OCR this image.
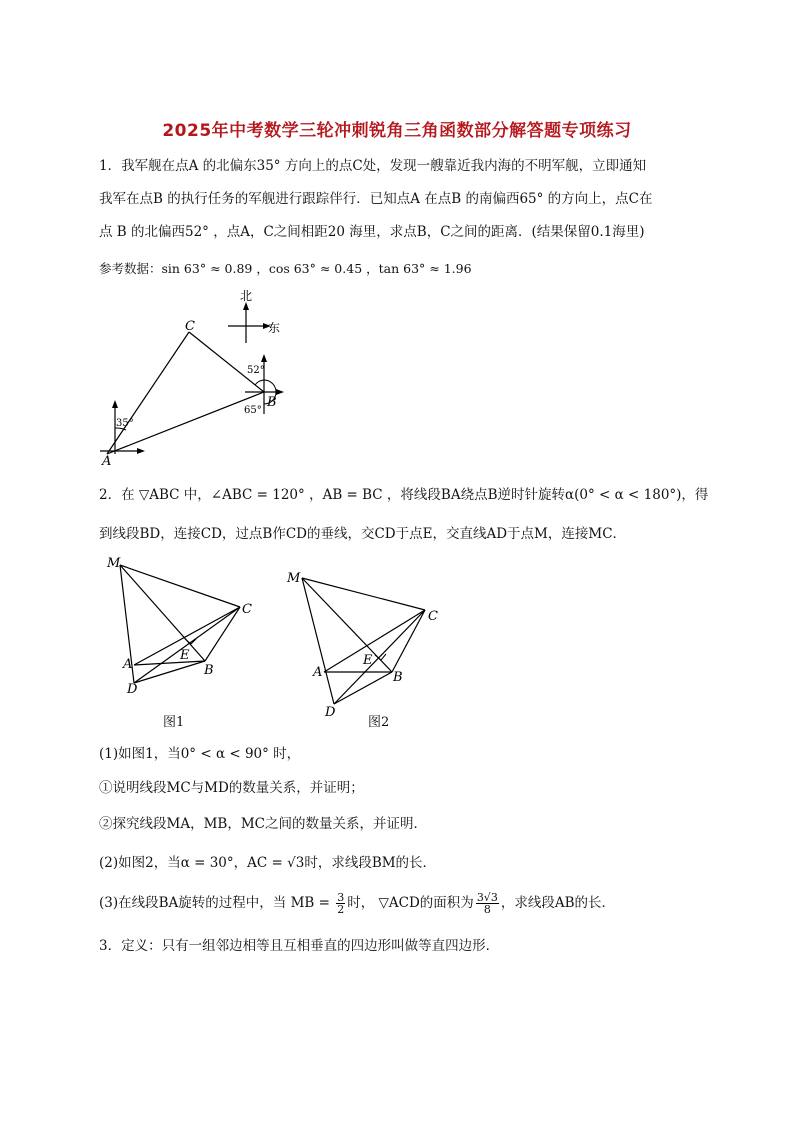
2025年中考数学三轮冲刺锐角三角函数部分解答题专项练习
1．我军舰在点A 的北偏东35° 方向上的点C处，发现一艘靠近我内海的不明军舰，立即通知
我军在点B 的执行任务的军舰进行跟踪伴行．已知点A 在点B 的南偏西65° 的方向上，点C在
点 B 的北偏西52° ，点A，C之间相距20 海里，求点B，C之间的距离．(结果保留0.1海里)
参考数据：sin 63° ≈ 0.89 ，cos 63° ≈ 0.45 ，tan 63° ≈ 1.96
北
东
35°
52°
65°
C
B
A
2．在 ▽ABC 中，∠ABC = 120° ，AB = BC ，将线段BA绕点B逆时针旋转α(0° < α < 180°)，得
到线段BD，连接CD，过点B作CD的垂线，交CD于点E，交直线AD于点M，连接MC．
M
C
E
A	B
D
图1
M
C
E
A	B
D
图2
(1)如图1，当0° < α < 90° 时，
①说明线段MC与MD的数量关系，并证明；
②探究线段MA，MB，MC之间的数量关系，并证明．
(2)如图2，当α = 30°，AC = √3时，求线段BM的长．
(3)在线段BA旋转的过程中，当 MB = $\frac{3}{2}$ 时， ▽ACD的面积为 $\frac{3√3}{8}$ ，求线段AB的长．
3．定义：只有一组邻边相等且互相垂直的四边形叫做等直四边形．
